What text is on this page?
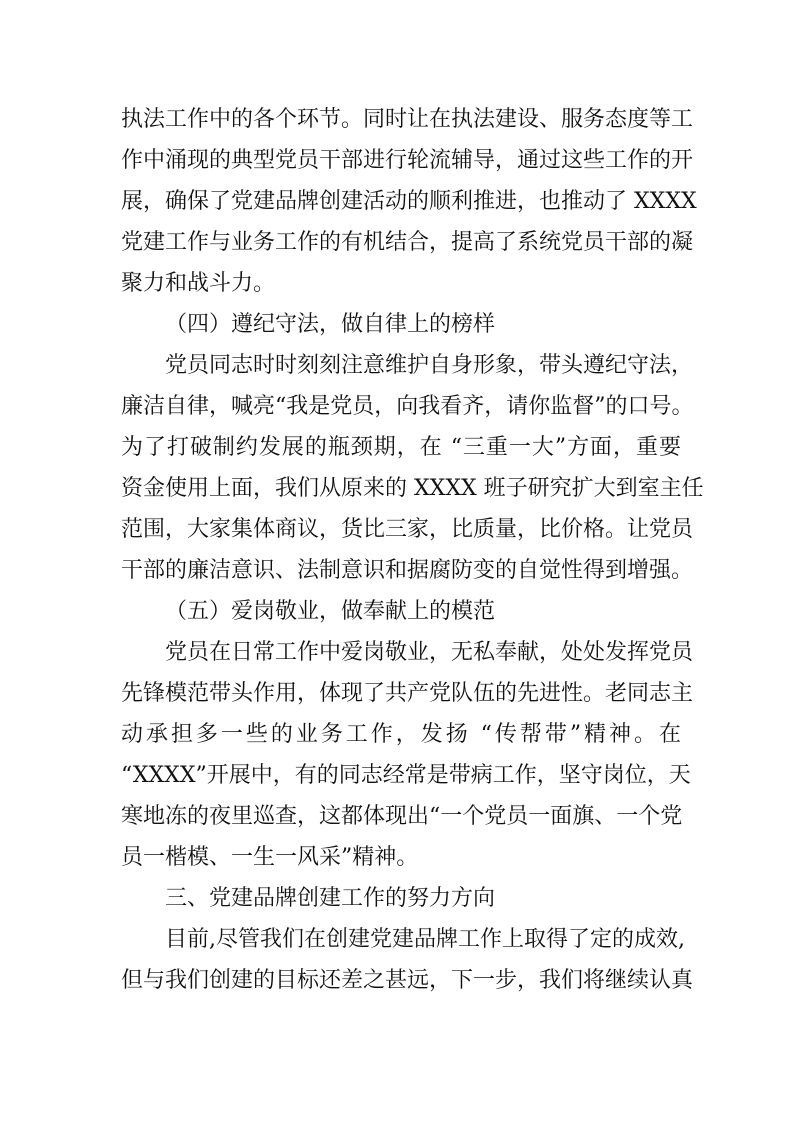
执法工作中的各个环节。同时让在执法建设、服务态度等工
作中涌现的典型党员干部进行轮流辅导，通过这些工作的开
展，确保了党建品牌创建活动的顺利推进，也推动了 XXXX
党建工作与业务工作的有机结合，提高了系统党员干部的凝
聚力和战斗力。
（四）遵纪守法，做自律上的榜样
党员同志时时刻刻注意维护自身形象，带头遵纪守法，
廉洁自律，喊亮“我是党员，向我看齐，请你监督”的口号。
为了打破制约发展的瓶颈期，在 “三重一大”方面，重要
资金使用上面，我们从原来的 XXXX 班子研究扩大到室主任
范围，大家集体商议，货比三家，比质量，比价格。让党员
干部的廉洁意识、法制意识和据腐防变的自觉性得到增强。
（五）爱岗敬业，做奉献上的模范
党员在日常工作中爱岗敬业，无私奉献，处处发挥党员
先锋模范带头作用，体现了共产党队伍的先进性。老同志主
动承担多一些的业务工作，发扬 “传帮带”精神。在
“XXXX”开展中，有的同志经常是带病工作，坚守岗位，天
寒地冻的夜里巡查，这都体现出“一个党员一面旗、一个党
员一楷模、一生一风采”精神。
三、党建品牌创建工作的努力方向
目前,尽管我们在创建党建品牌工作上取得了定的成效,
但与我们创建的目标还差之甚远，下一步，我们将继续认真
